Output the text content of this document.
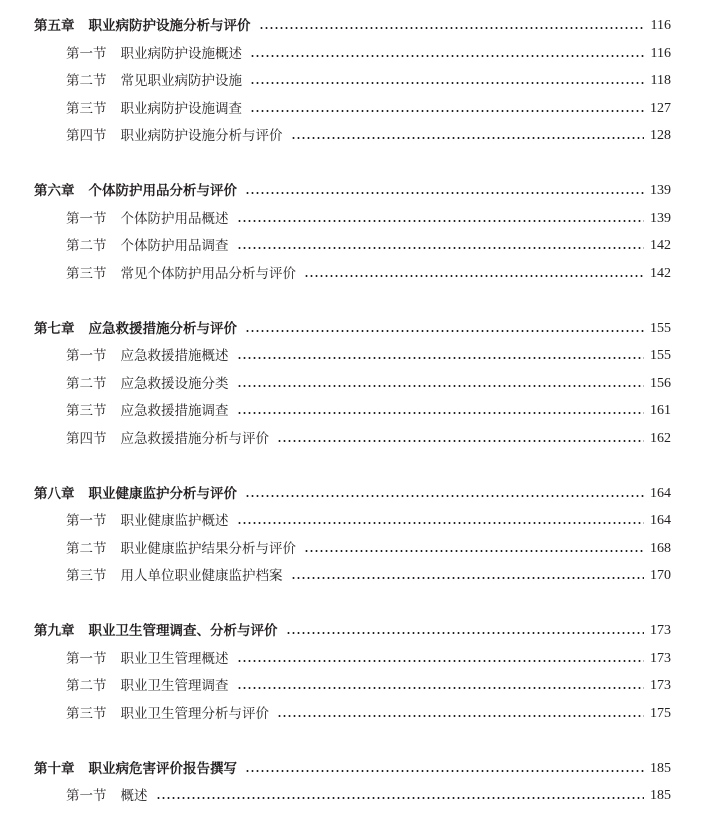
第五章 职业病防护设施分析与评价	116
第一节 职业病防护设施概述	116
第二节 常见职业病防护设施	118
第三节 职业病防护设施调查	127
第四节 职业病防护设施分析与评价	128
第六章 个体防护用品分析与评价	139
第一节 个体防护用品概述	139
第二节 个体防护用品调查	142
第三节 常见个体防护用品分析与评价	142
第七章 应急救援措施分析与评价	155
第一节 应急救援措施概述	155
第二节 应急救援设施分类	156
第三节 应急救援措施调查	161
第四节 应急救援措施分析与评价	162
第八章 职业健康监护分析与评价	164
第一节 职业健康监护概述	164
第二节 职业健康监护结果分析与评价	168
第三节 用人单位职业健康监护档案	170
第九章 职业卫生管理调查、分析与评价	173
第一节 职业卫生管理概述	173
第二节 职业卫生管理调查	173
第三节 职业卫生管理分析与评价	175
第十章 职业病危害评价报告撰写	185
第一节 概述	185
